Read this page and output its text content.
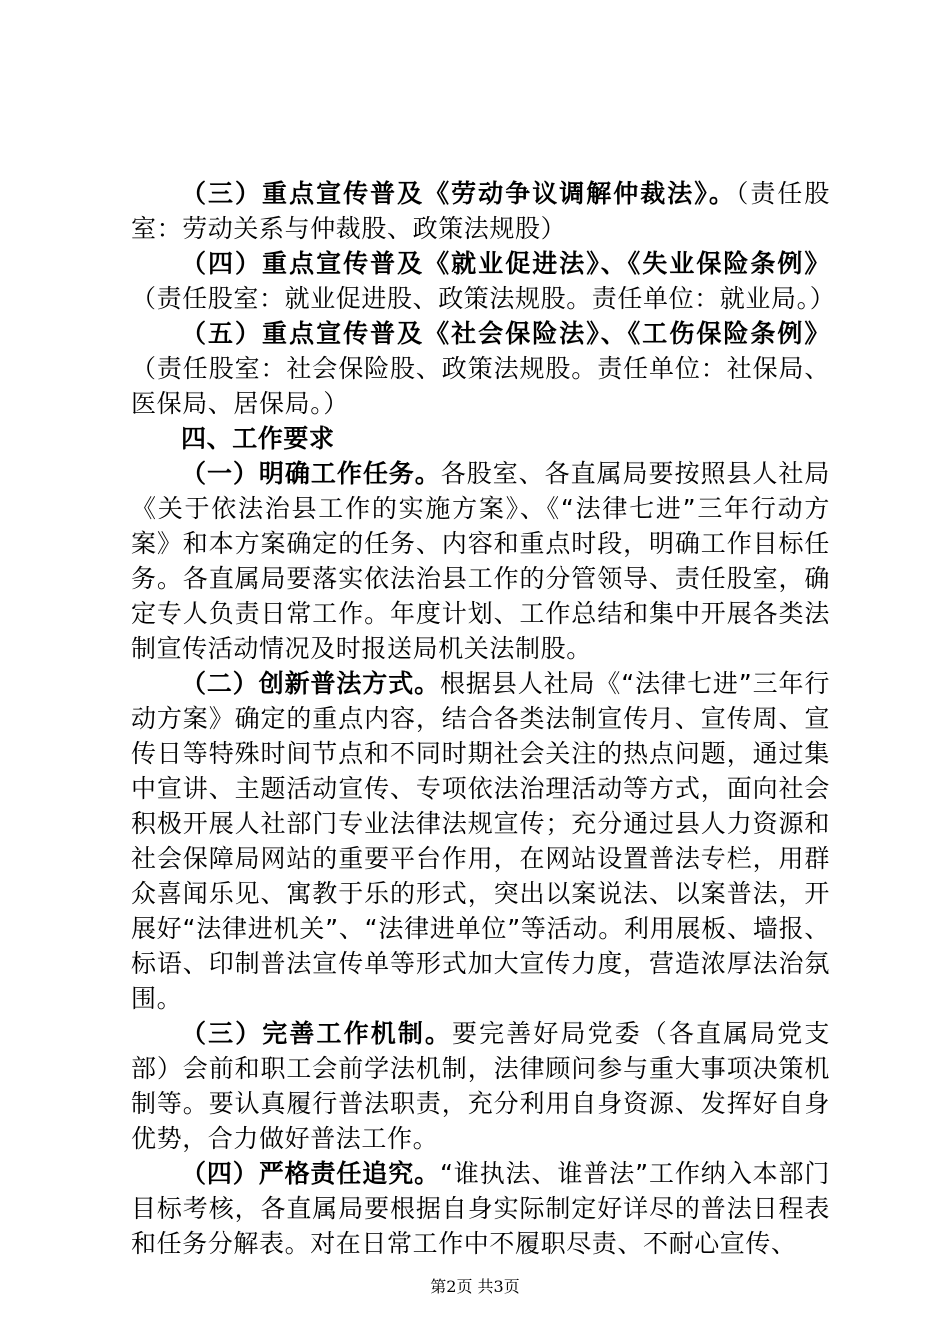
（三）重点宣传普及《劳动争议调解仲裁法》。（责任股室：劳动关系与仲裁股、政策法规股）

（四）重点宣传普及《就业促进法》、《失业保险条例》（责任股室：就业促进股、政策法规股。责任单位：就业局。）

（五）重点宣传普及《社会保险法》、《工伤保险条例》（责任股室：社会保险股、政策法规股。责任单位：社保局、医保局、居保局。）

四、工作要求

（一）明确工作任务。各股室、各直属局要按照县人社局《关于依法治县工作的实施方案》、《“法律七进”三年行动方案》和本方案确定的任务、内容和重点时段，明确工作目标任务。各直属局要落实依法治县工作的分管领导、责任股室，确定专人负责日常工作。年度计划、工作总结和集中开展各类法制宣传活动情况及时报送局机关法制股。

（二）创新普法方式。根据县人社局《“法律七进”三年行动方案》确定的重点内容，结合各类法制宣传月、宣传周、宣传日等特殊时间节点和不同时期社会关注的热点问题，通过集中宣讲、主题活动宣传、专项依法治理活动等方式，面向社会积极开展人社部门专业法律法规宣传；充分通过县人力资源和社会保障局网站的重要平台作用，在网站设置普法专栏，用群众喜闻乐见、寓教于乐的形式，突出以案说法、以案普法，开展好“法律进机关”、“法律进单位”等活动。利用展板、墙报、标语、印制普法宣传单等形式加大宣传力度，营造浓厚法治氛围。

（三）完善工作机制。要完善好局党委（各直属局党支部）会前和职工会前学法机制，法律顾问参与重大事项决策机制等。要认真履行普法职责，充分利用自身资源、发挥好自身优势，合力做好普法工作。

（四）严格责任追究。“谁执法、谁普法”工作纳入本部门目标考核，各直属局要根据自身实际制定好详尽的普法日程表和任务分解表。对在日常工作中不履职尽责、不耐心宣传、

第2页 共3页
